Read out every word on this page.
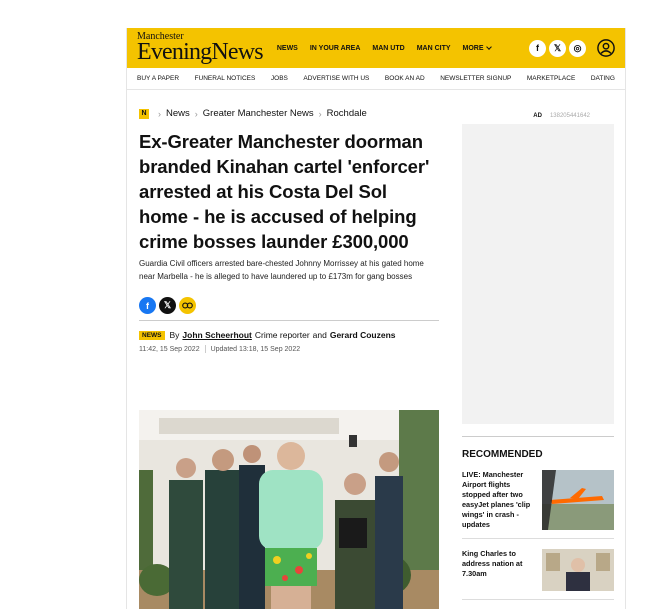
Manchester
EveningNews NEWS IN YOUR AREA MAN UTD MAN CITY MORE	f	𝕏	◎
BUY A PAPER FUNERAL NOTICES JOBS ADVERTISE WITH US BOOK AN AD NEWSLETTER SIGNUP MARKETPLACE DATING
N › News › Greater Manchester News › Rochdale
Ex-Greater Manchester doorman branded Kinahan cartel 'enforcer' arrested at his Costa Del Sol home - he is accused of helping crime bosses launder £300,000

Guardia Civil officers arrested bare-chested Johnny Morrissey at his gated home near Marbella - he is alleged to have laundered up to £173m for gang bosses

f	𝕏
NEWS By John Scheerhout Crime reporter and Gerard Couzens
11:42, 15 Sep 2022 Updated 13:18, 15 Sep 2022
AD 138205441642
RECOMMENDED
LIVE: Manchester Airport flights stopped after two easyJet planes 'clip wings' in crash - updates
King Charles to address nation at 7.30am
